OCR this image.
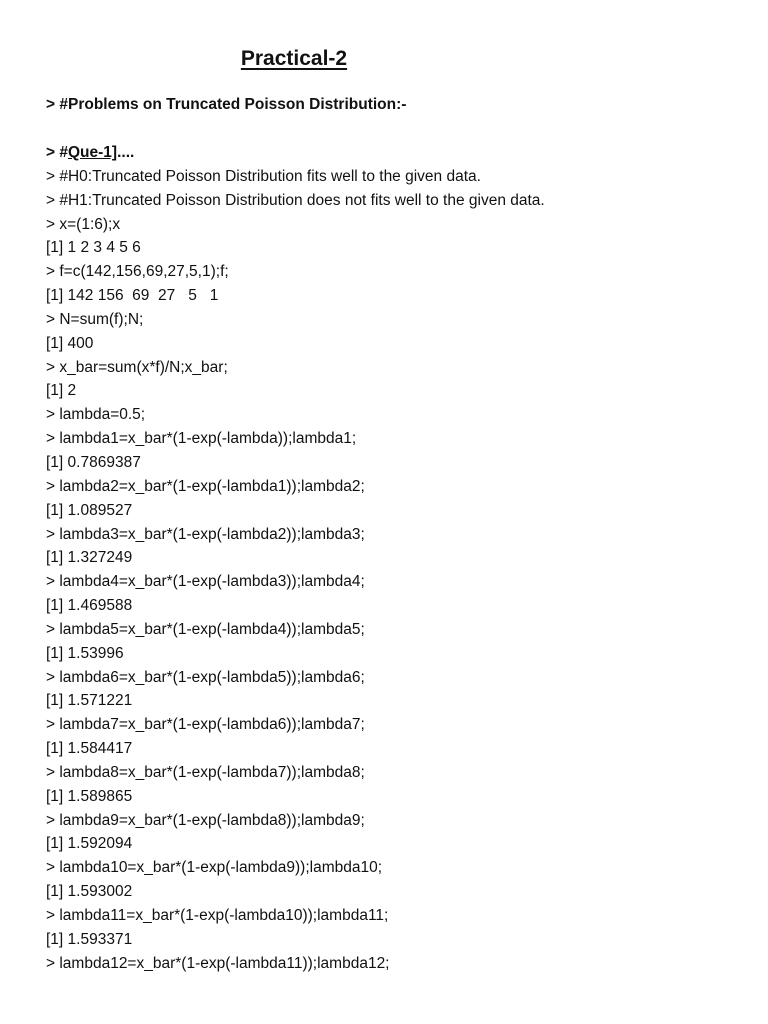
Practical-2

> #Problems on Truncated Poisson Distribution:-

> #Que-1]....
> #H0:Truncated Poisson Distribution fits well to the given data.
> #H1:Truncated Poisson Distribution does not fits well to the given data.
> x=(1:6);x
[1] 1 2 3 4 5 6
> f=c(142,156,69,27,5,1);f;
[1] 142 156  69  27   5   1
> N=sum(f);N;
[1] 400
> x_bar=sum(x*f)/N;x_bar;
[1] 2
> lambda=0.5;
> lambda1=x_bar*(1-exp(-lambda));lambda1;
[1] 0.7869387
> lambda2=x_bar*(1-exp(-lambda1));lambda2;
[1] 1.089527
> lambda3=x_bar*(1-exp(-lambda2));lambda3;
[1] 1.327249
> lambda4=x_bar*(1-exp(-lambda3));lambda4;
[1] 1.469588
> lambda5=x_bar*(1-exp(-lambda4));lambda5;
[1] 1.53996
> lambda6=x_bar*(1-exp(-lambda5));lambda6;
[1] 1.571221
> lambda7=x_bar*(1-exp(-lambda6));lambda7;
[1] 1.584417
> lambda8=x_bar*(1-exp(-lambda7));lambda8;
[1] 1.589865
> lambda9=x_bar*(1-exp(-lambda8));lambda9;
[1] 1.592094
> lambda10=x_bar*(1-exp(-lambda9));lambda10;
[1] 1.593002
> lambda11=x_bar*(1-exp(-lambda10));lambda11;
[1] 1.593371
> lambda12=x_bar*(1-exp(-lambda11));lambda12;
